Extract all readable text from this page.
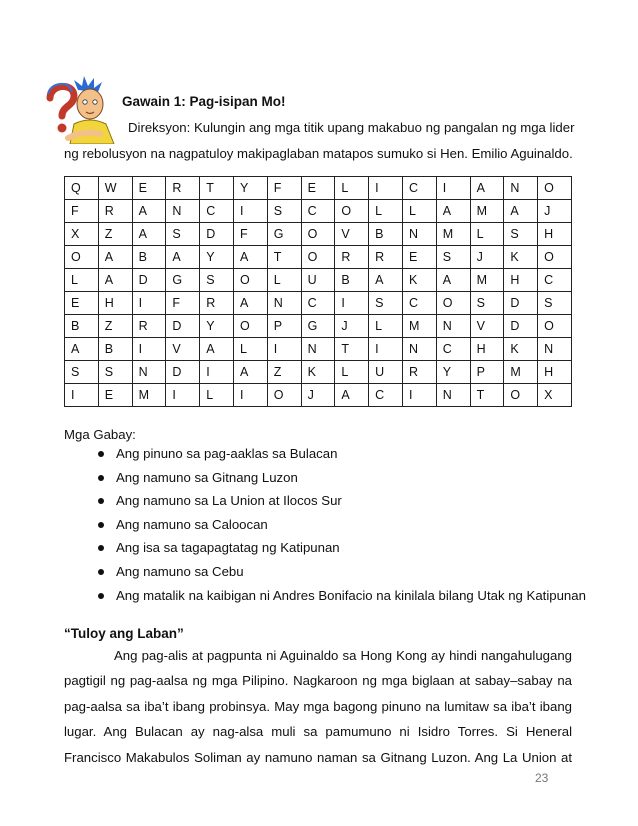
Gawain 1: Pag-isipan Mo!
Direksyon: Kulungin ang mga titik upang makabuo ng pangalan ng mga lider
ng rebolusyon na nagpatuloy makipaglaban matapos sumuko si Hen. Emilio Aguinaldo.
Q	W	E	R	T	Y	F	E	L	I	C	I	A	N	O
F	R	A	N	C	I	S	C	O	L	L	A	M	A	J
X	Z	A	S	D	F	G	O	V	B	N	M	L	S	H
O	A	B	A	Y	A	T	O	R	R	E	S	J	K	O
L	A	D	G	S	O	L	U	B	A	K	A	M	H	C
E	H	I	F	R	A	N	C	I	S	C	O	S	D	S
B	Z	R	D	Y	O	P	G	J	L	M	N	V	D	O
A	B	I	V	A	L	I	N	T	I	N	C	H	K	N
S	S	N	D	I	A	Z	K	L	U	R	Y	P	M	H
I	E	M	I	L	I	O	J	A	C	I	N	T	O	X
Mga Gabay:
Ang pinuno sa pag-aaklas sa Bulacan
Ang namuno sa Gitnang Luzon
Ang namuno sa La Union at Ilocos Sur
Ang namuno sa Caloocan
Ang isa sa tagapagtatag ng Katipunan
Ang namuno sa Cebu
Ang matalik na kaibigan ni Andres Bonifacio na kinilala bilang Utak ng Katipunan
“Tuloy ang Laban”
Ang pag-alis at pagpunta ni Aguinaldo sa Hong Kong ay hindi nangahulugang
pagtigil ng pag-aalsa ng mga Pilipino. Nagkaroon ng mga biglaan at sabay–sabay na
pag-aalsa sa iba’t ibang probinsya. May mga bagong pinuno na lumitaw sa iba’t ibang
lugar. Ang Bulacan ay nag-alsa muli sa pamumuno ni Isidro Torres. Si Heneral
Francisco Makabulos Soliman ay namuno naman sa Gitnang Luzon. Ang La Union at
23
